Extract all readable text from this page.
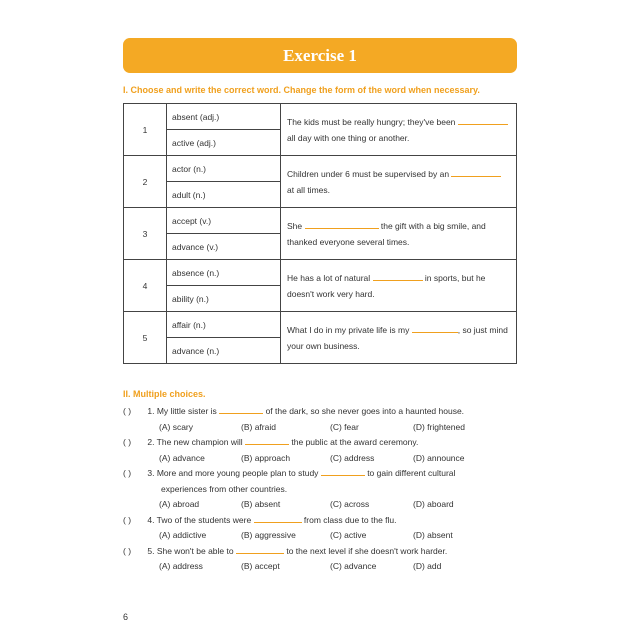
Exercise 1
I. Choose and write the correct word. Change the form of the word when necessary.
1	absent (adj.)	The kids must be really hungry; they've been  all day with one thing or another.
	active (adj.)	
2	actor (n.)	Children under 6 must be supervised by an  at all times.
	adult (n.)	
3	accept (v.)	She the gift with a big smile, and thanked everyone several times.
	advance (v.)	
4	absence (n.)	He has a lot of natural in sports, but he doesn't work very hard.
	ability (n.)	
5	affair (n.)	What I do in my private life is my , so just mind your own business.
	advance (n.)	
II. Multiple choices.
( ) 1. My little sister is	of the dark, so she never goes into a haunted house.
(A) scary	(B) afraid	(C) fear	(D) frightened
( ) 2. The new champion will	the public at the award ceremony.
(A) advance	(B) approach	(C) address	(D) announce
( ) 3. More and more young people plan to study	to gain different cultural
experiences from other countries.
(A) abroad	(B) absent	(C) across	(D) aboard
( ) 4. Two of the students were	from class due to the flu.
(A) addictive	(B) aggressive	(C) active	(D) absent
( ) 5. She won't be able to	to the next level if she doesn't work harder.
(A) address	(B) accept	(C) advance	(D) add
6
